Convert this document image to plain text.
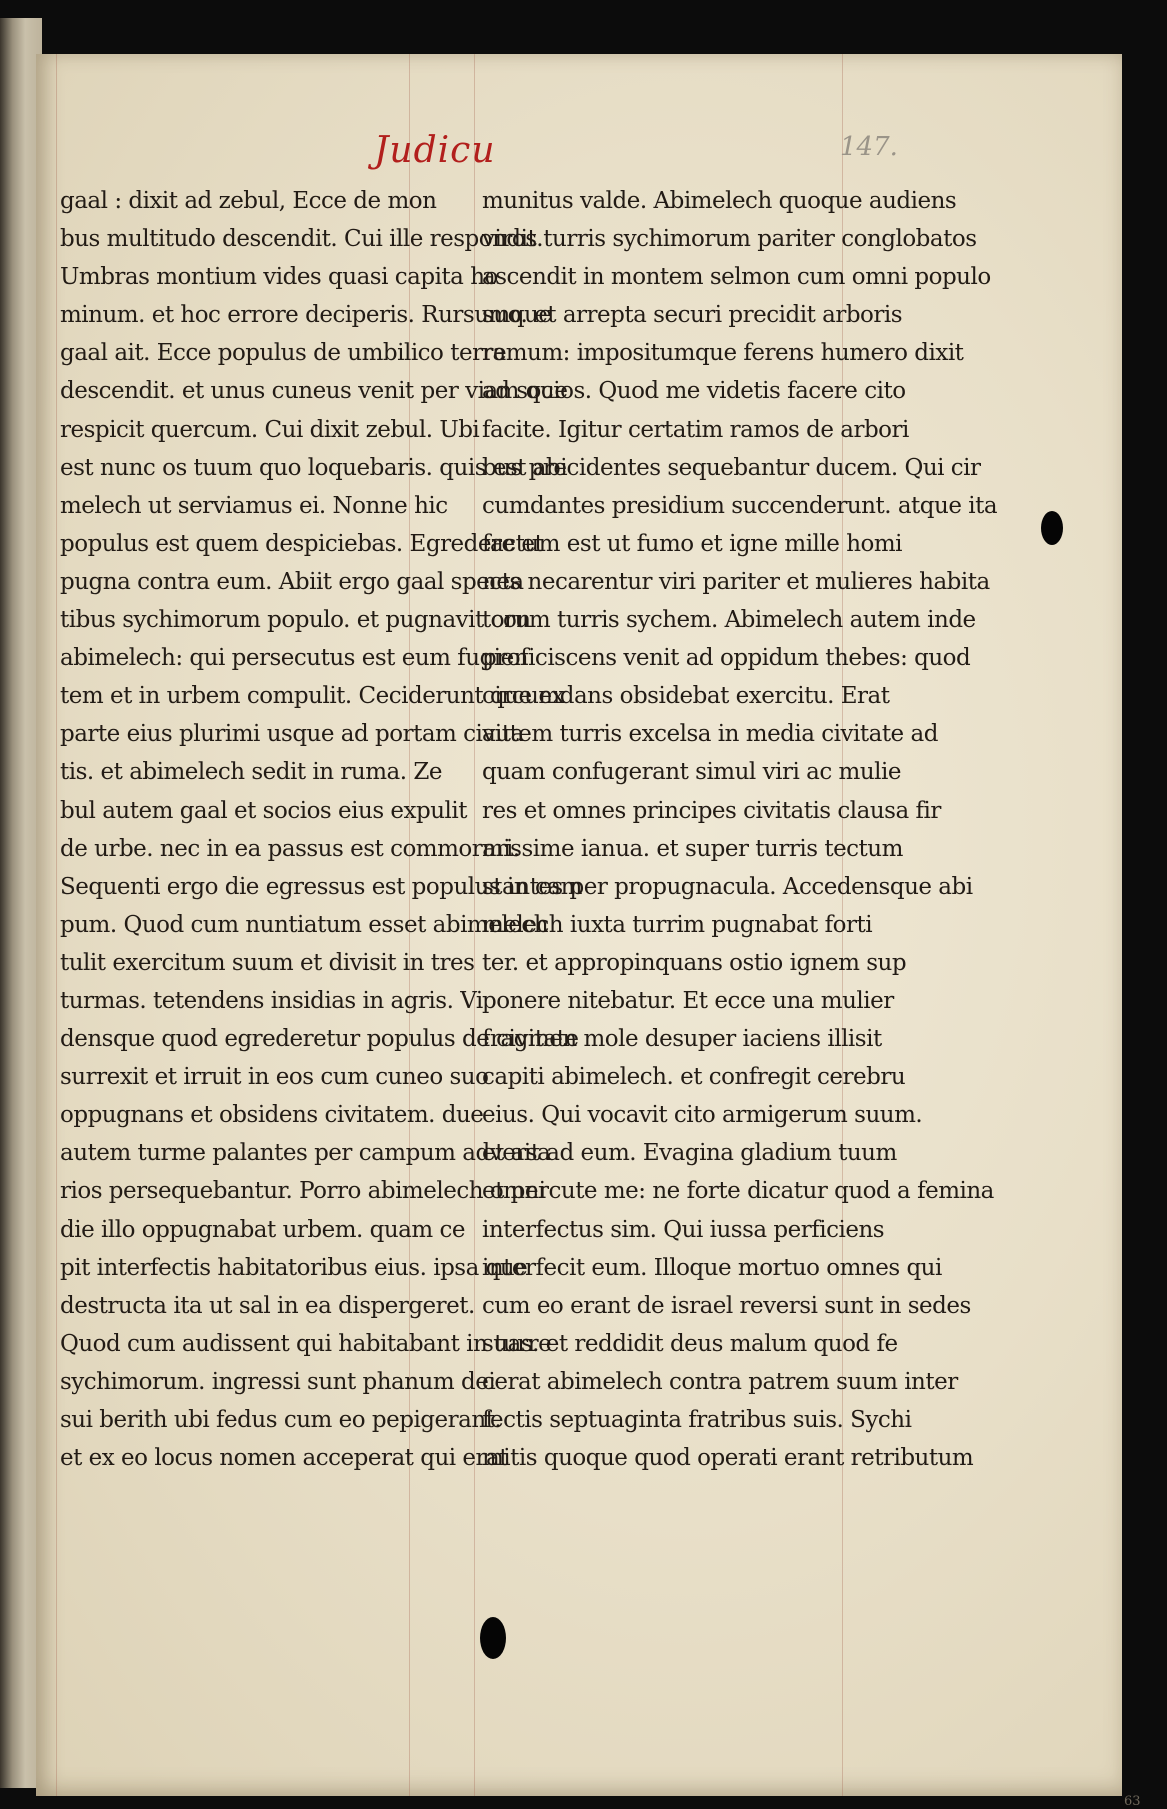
Judicu	147.
gaal : dixit ad zebul, Ecce de mon
bus multitudo descendit. Cui ille respondit.
Umbras montium vides quasi capita ho
minum. et hoc errore deciperis. Rursumque
gaal ait. Ecce populus de umbilico terre
descendit. et unus cuneus venit per viam que
respicit quercum. Cui dixit zebul. Ubi
est nunc os tuum quo loquebaris. quis est abi
melech ut serviamus ei. Nonne hic
populus est quem despiciebas. Egredere et
pugna contra eum. Abiit ergo gaal specta
tibus sychimorum populo. et pugnavit con
abimelech: qui persecutus est eum fugien
tem et in urbem compulit. Ceciderunt que ex
parte eius plurimi usque ad portam civita
tis. et abimelech sedit in ruma. Ze
bul autem gaal et socios eius expulit
de urbe. nec in ea passus est commorari.
Sequenti ergo die egressus est populus in cam
pum. Quod cum nuntiatum esset abimelech
tulit exercitum suum et divisit in tres
turmas. tetendens insidias in agris. Vi
densque quod egrederetur populus de civitate
surrexit et irruit in eos cum cuneo suo
oppugnans et obsidens civitatem. due
autem turme palantes per campum adversa
rios persequebantur. Porro abimelech omni
die illo oppugnabat urbem. quam ce
pit interfectis habitatoribus eius. ipsa que
destructa ita ut sal in ea dispergeret.
Quod cum audissent qui habitabant in turre
sychimorum. ingressi sunt phanum dei
sui berith ubi fedus cum eo pepigerant.
et ex eo locus nomen acceperat qui erat
munitus valde. Abimelech quoque audiens
viros turris sychimorum pariter conglobatos
ascendit in montem selmon cum omni populo
suo. et arrepta securi precidit arboris
ramum: impositumque ferens humero dixit
ad socios. Quod me videtis facere cito
facite. Igitur certatim ramos de arbori
bus precidentes sequebantur ducem. Qui cir
cumdantes presidium succenderunt. atque ita
factum est ut fumo et igne mille homi
nes necarentur viri pariter et mulieres habita
torum turris sychem. Abimelech autem inde
proficiscens venit ad oppidum thebes: quod
circumdans obsidebat exercitu. Erat
autem turris excelsa in media civitate ad
quam confugerant simul viri ac mulie
res et omnes principes civitatis clausa fir
missime ianua. et super turris tectum
stantes per propugnacula. Accedensque abi
melech iuxta turrim pugnabat forti
ter. et appropinquans ostio ignem sup
ponere nitebatur. Et ecce una mulier
fragmen mole desuper iaciens illisit
capiti abimelech. et confregit cerebru
eius. Qui vocavit cito armigerum suum.
et ait ad eum. Evagina gladium tuum
et percute me: ne forte dicatur quod a femina
interfectus sim. Qui iussa perficiens
interfecit eum. Illoque mortuo omnes qui
cum eo erant de israel reversi sunt in sedes
suas. et reddidit deus malum quod fe
cerat abimelech contra patrem suum inter
fectis septuaginta fratribus suis. Sychi
mitis quoque quod operati erant retributum
63
